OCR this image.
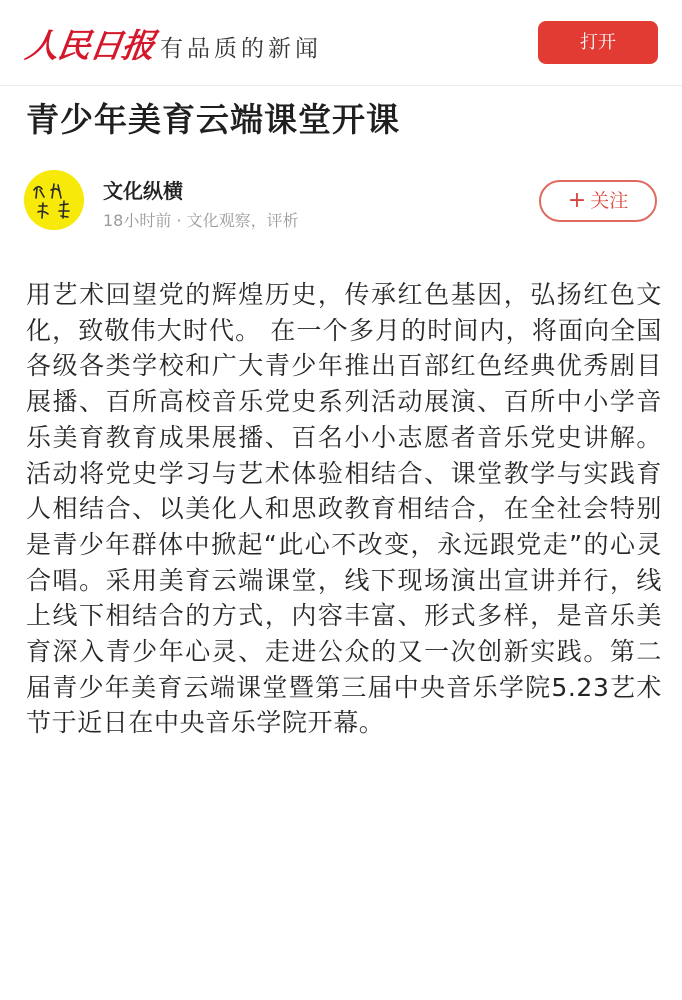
人民日报 有品质的新闻	打开
青少年美育云端课堂开课
文化纵横
18小时前 · 文化观察，评析
+ 关注

用艺术回望党的辉煌历史，传承红色基因，弘扬红色文化，致敬伟大时代。 在一个多月的时间内，将面向全国各级各类学校和广大青少年推出百部红色经典优秀剧目展播、百所高校音乐党史系列活动展演、百所中小学音乐美育教育成果展播、百名小小志愿者音乐党史讲解。活动将党史学习与艺术体验相结合、课堂教学与实践育人相结合、以美化人和思政教育相结合，在全社会特别是青少年群体中掀起“此心不改变，永远跟党走”的心灵合唱。采用美育云端课堂，线下现场演出宣讲并行，线上线下相结合的方式，内容丰富、形式多样，是音乐美育深入青少年心灵、走进公众的又一次创新实践。第二届青少年美育云端课堂暨第三届中央音乐学院5.23艺术节于近日在中央音乐学院开幕。
